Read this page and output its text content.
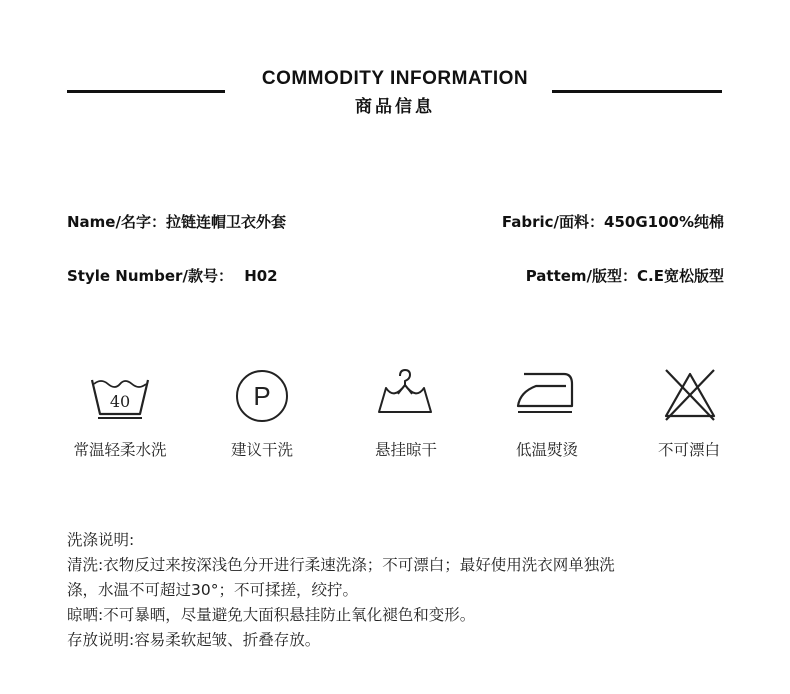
COMMODITY INFORMATION
商品信息
Name/名字：拉链连帽卫衣外套	Fabric/面料：450G100%纯棉
Style Number/款号： H02	Pattem/版型：C.E宽松版型
40	P
常温轻柔水洗	建议干洗	悬挂晾干	低温熨烫	不可漂白

洗涤说明:

清洗:衣物反过来按深浅色分开进行柔速洗涤；不可漂白；最好使用洗衣网单独洗

涤，水温不可超过30°；不可揉搓，绞拧。

晾晒:不可暴晒，尽量避免大面积悬挂防止氧化褪色和变形。

存放说明:容易柔软起皱、折叠存放。
